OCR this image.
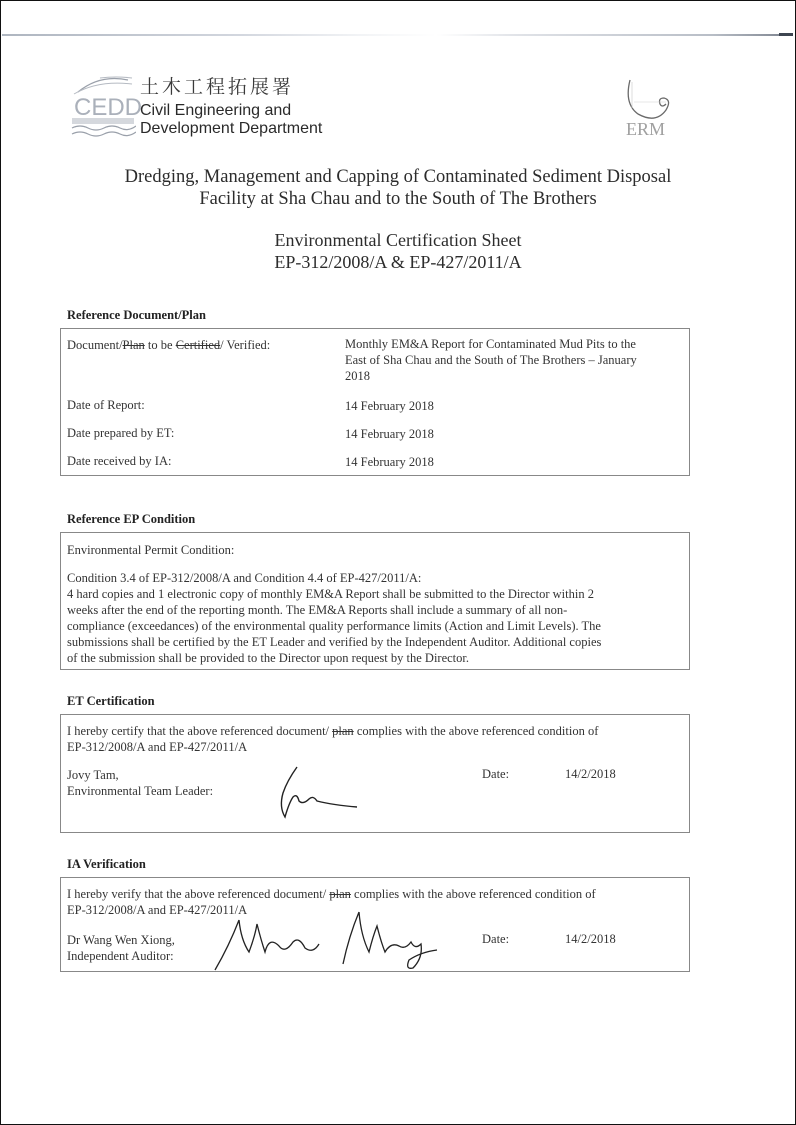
CEDD
土木工程拓展署
Civil Engineering and
Development Department	ERM
Dredging, Management and Capping of Contaminated Sediment Disposal
Facility at Sha Chau and to the South of The Brothers
Environmental Certification Sheet
EP-312/2008/A & EP-427/2011/A
Reference Document/Plan
Document/Plan to be Certified/ Verified:	Monthly EM&A Report for Contaminated Mud Pits to the
East of Sha Chau and the South of The Brothers – January
2018
Date of Report:	14 February 2018
Date prepared by ET:	14 February 2018
Date received by IA:	14 February 2018
Reference EP Condition
Environmental Permit Condition:
Condition 3.4 of EP-312/2008/A and Condition 4.4 of EP-427/2011/A:
4 hard copies and 1 electronic copy of monthly EM&A Report shall be submitted to the Director within 2
weeks after the end of the reporting month. The EM&A Reports shall include a summary of all non-
compliance (exceedances) of the environmental quality performance limits (Action and Limit Levels). The
submissions shall be certified by the ET Leader and verified by the Independent Auditor. Additional copies
of the submission shall be provided to the Director upon request by the Director.
ET Certification
I hereby certify that the above referenced document/ plan complies with the above referenced condition of
EP-312/2008/A and EP-427/2011/A
Jovy Tam,
Environmental Team Leader:
Date:	14/2/2018
IA Verification
I hereby verify that the above referenced document/ plan complies with the above referenced condition of
EP-312/2008/A and EP-427/2011/A
Dr Wang Wen Xiong,
Independent Auditor:
Date:	14/2/2018
